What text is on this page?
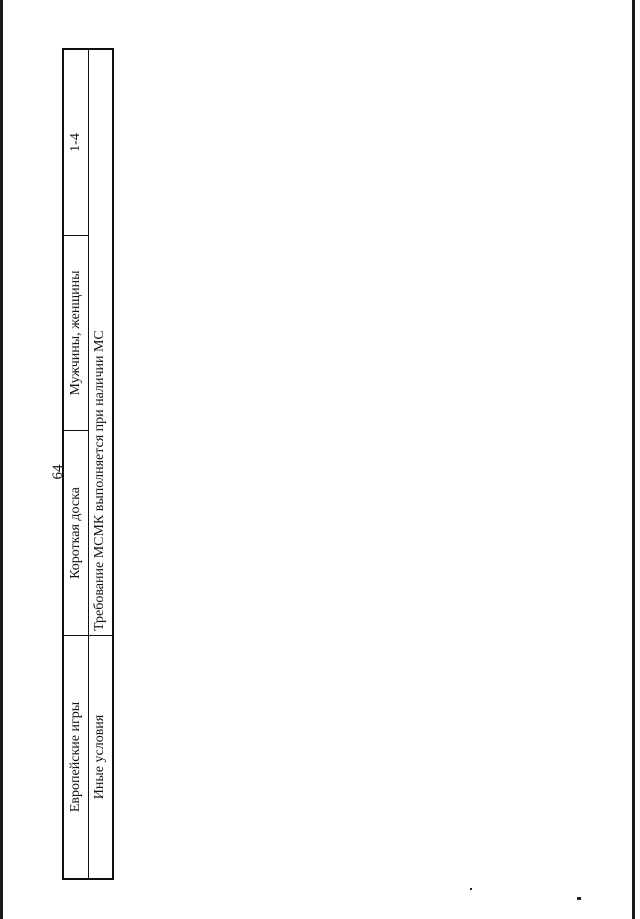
64
Европейские игры
Короткая доска
Мужчины, женщины
1-4
Иные условия
Требование МСМК выполняется при наличии МС
